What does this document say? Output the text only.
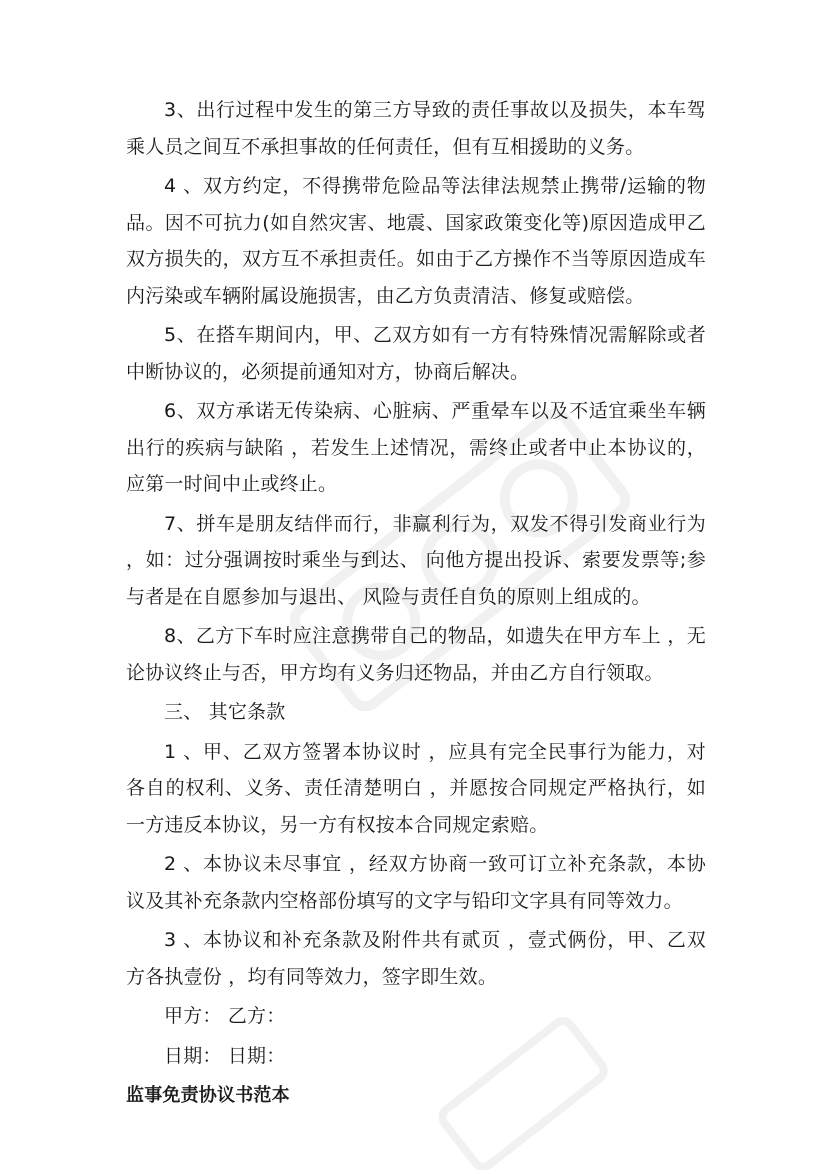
3、出行过程中发生的第三方导致的责任事故以及损失，本车驾乘人员之间互不承担事故的任何责任，但有互相援助的义务。

4 、双方约定，不得携带危险品等法律法规禁止携带/运输的物品。因不可抗力(如自然灾害、地震、国家政策变化等)原因造成甲乙双方损失的，双方互不承担责任。如由于乙方操作不当等原因造成车内污染或车辆附属设施损害，由乙方负责清洁、修复或赔偿。

5、在搭车期间内，甲、乙双方如有一方有特殊情况需解除或者中断协议的，必须提前通知对方，协商后解决。

6、双方承诺无传染病、心脏病、严重晕车以及不适宜乘坐车辆出行的疾病与缺陷 ，若发生上述情况，需终止或者中止本协议的，应第一时间中止或终止。

7、拼车是朋友结伴而行，非赢利行为，双发不得引发商业行为 ，如：过分强调按时乘坐与到达、 向他方提出投诉、索要发票等;参与者是在自愿参加与退出、 风险与责任自负的原则上组成的。

8、乙方下车时应注意携带自己的物品，如遗失在甲方车上 ，无论协议终止与否，甲方均有义务归还物品，并由乙方自行领取。

三、 其它条款

1 、甲、乙双方签署本协议时 ，应具有完全民事行为能力，对各自的权利、义务、责任清楚明白 ，并愿按合同规定严格执行，如一方违反本协议，另一方有权按本合同规定索赔。

2 、本协议未尽事宜 ，经双方协商一致可订立补充条款，本协议及其补充条款内空格部份填写的文字与铅印文字具有同等效力。

3 、本协议和补充条款及附件共有贰页 ，壹式俩份，甲、乙双方各执壹份 ，均有同等效力，签字即生效。

甲方： 乙方：

日期： 日期：

监事免责协议书范本
